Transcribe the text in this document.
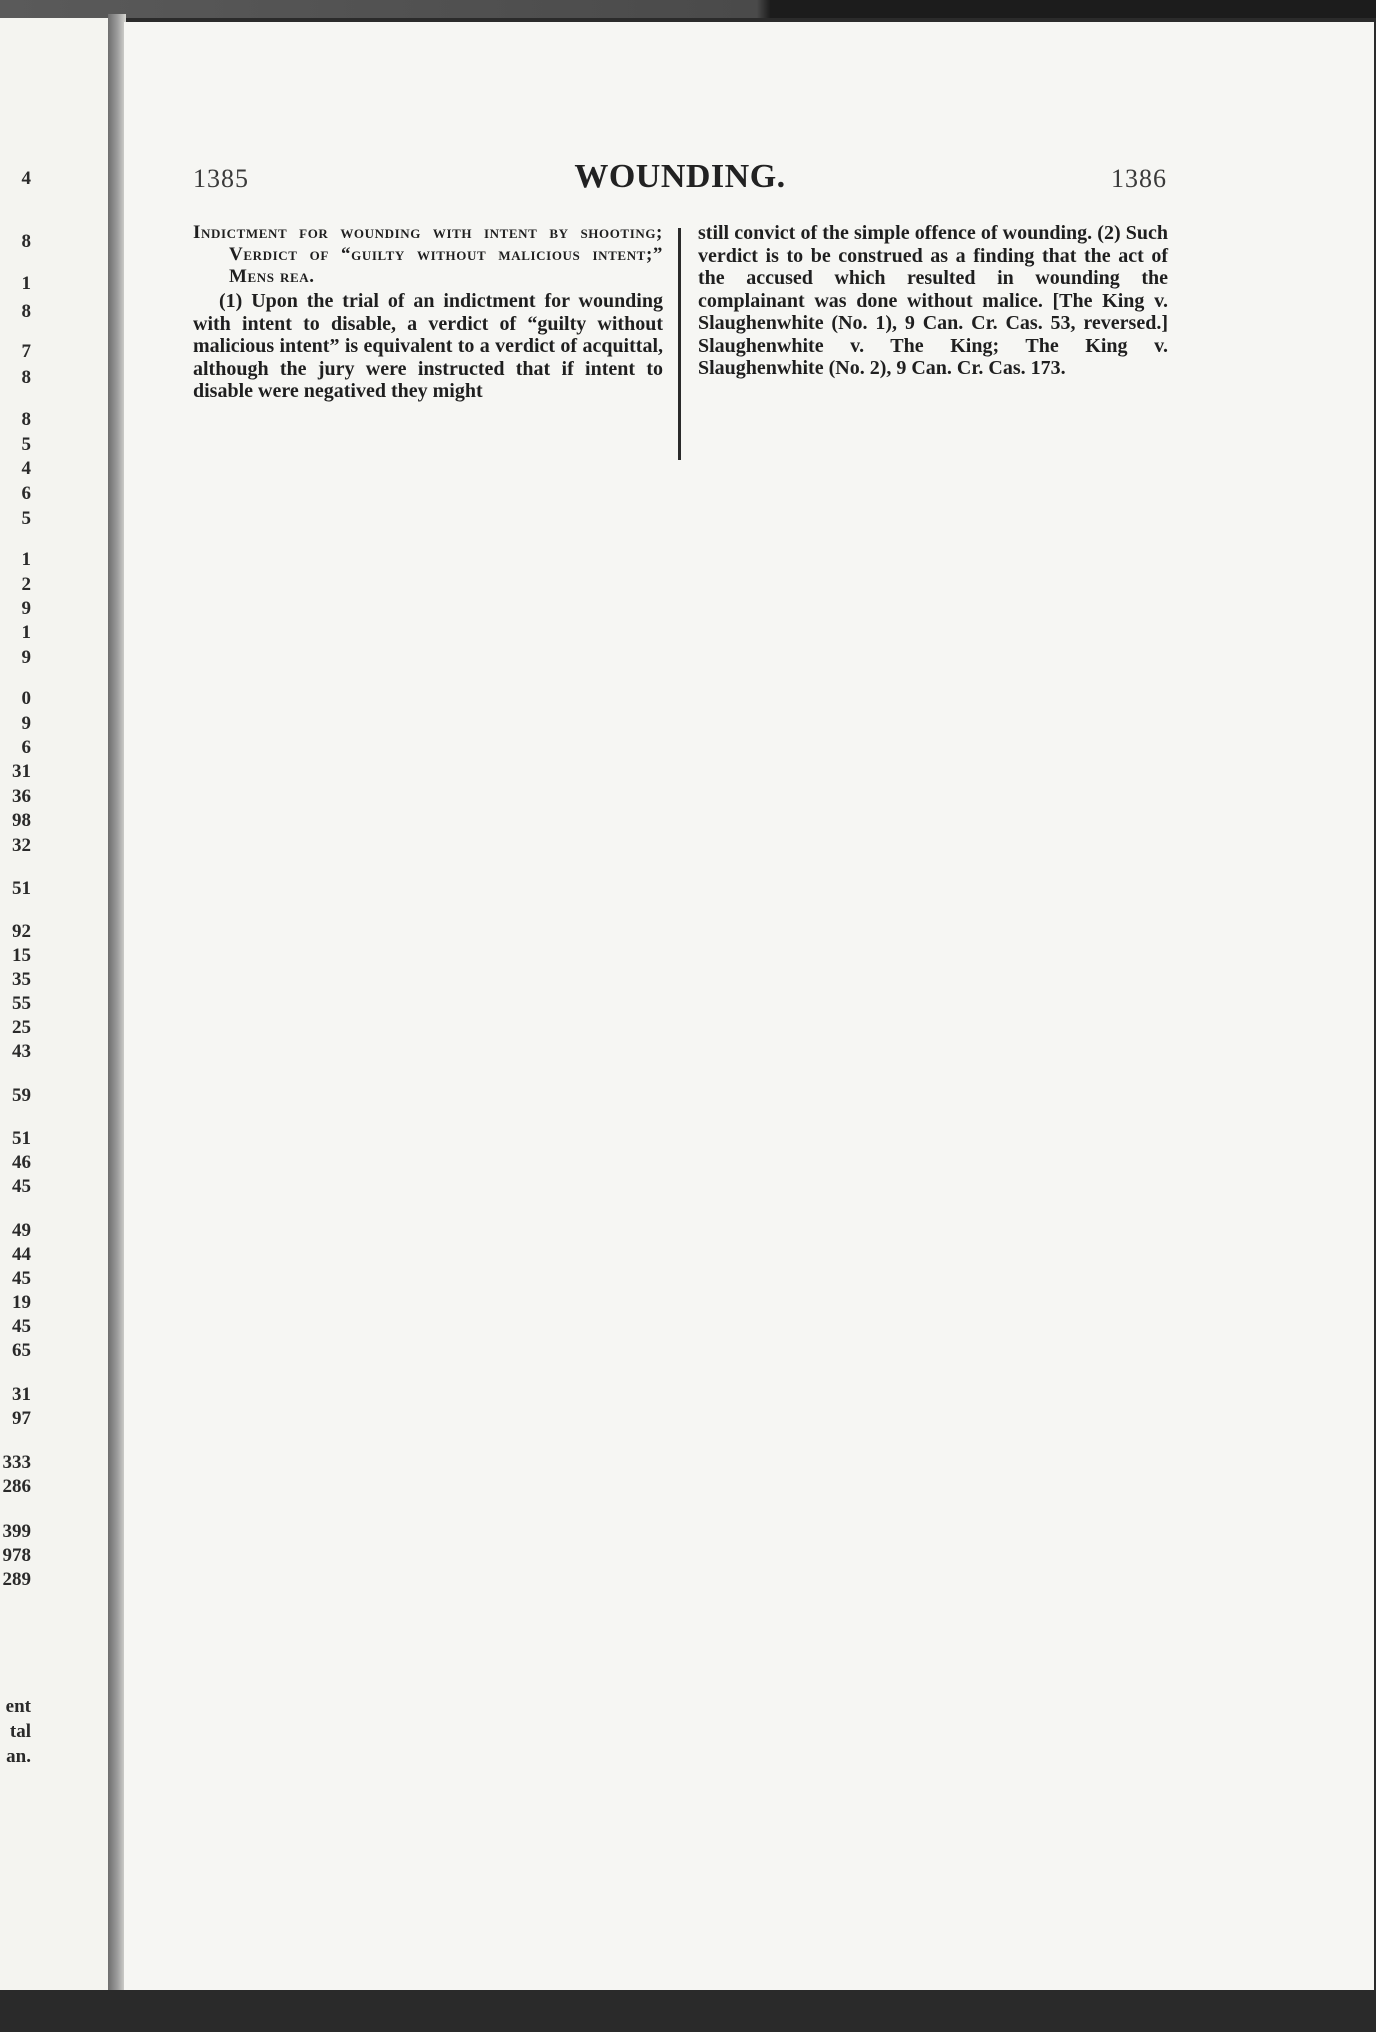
4
8
1
8
7
8
8
5
4
6
5
1
2
9
1
9
0
9
6
31
36
98
32
51
92
15
35
55
25
43
59
51
46
45
49
44
45
19
45
65
31
97
333
286
399
978
289
ent
tal
an.
1385	WOUNDING.	1386
Indictment for wounding with intent by shooting; Verdict of “guilty without malicious intent;” Mens rea.

(1) Upon the trial of an indictment for wounding with intent to disable, a verdict of “guilty without malicious intent” is equivalent to a verdict of acquittal, although the jury were instructed that if intent to disable were negatived they might

still convict of the simple offence of wounding. (2) Such verdict is to be construed as a finding that the act of the accused which resulted in wounding the complainant was done without malice. [The King v. Slaughenwhite (No. 1), 9 Can. Cr. Cas. 53, reversed.] Slaughenwhite v. The King; The King v. Slaughenwhite (No. 2), 9 Can. Cr. Cas. 173.
